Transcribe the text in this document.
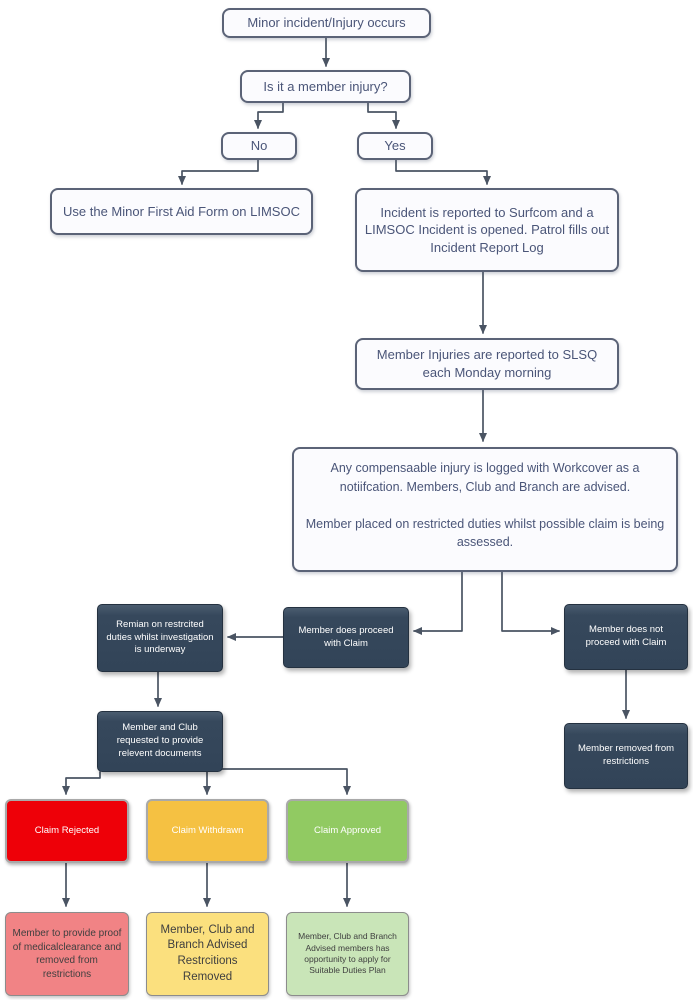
Minor incident/Injury occurs
Is it a member injury?
No	Yes
Use the Minor First Aid Form on LIMSOC	Incident is reported to Surfcom and a LIMSOC Incident is opened. Patrol fills out Incident Report Log
Member Injuries are reported to SLSQ each Monday morning
Any compensaable injury is logged with Workcover as a notiifcation. Members, Club and Branch are advised.
Member placed on restricted duties whilst possible claim is being assessed.
Remian on restrcited duties whilst investigation is underway
Member does proceed with Claim
Member does not proceed with Claim
Member and Club requested to provide relevent documents	Member removed from restrictions
Claim Rejected	Claim Withdrawn	Claim Approved
Member to provide proof of medicalclearance and removed from restrictions
Member, Club and Branch Advised Restrcitions Removed
Member, Club and Branch Advised members has opportunity to apply for Suitable Duties Plan
